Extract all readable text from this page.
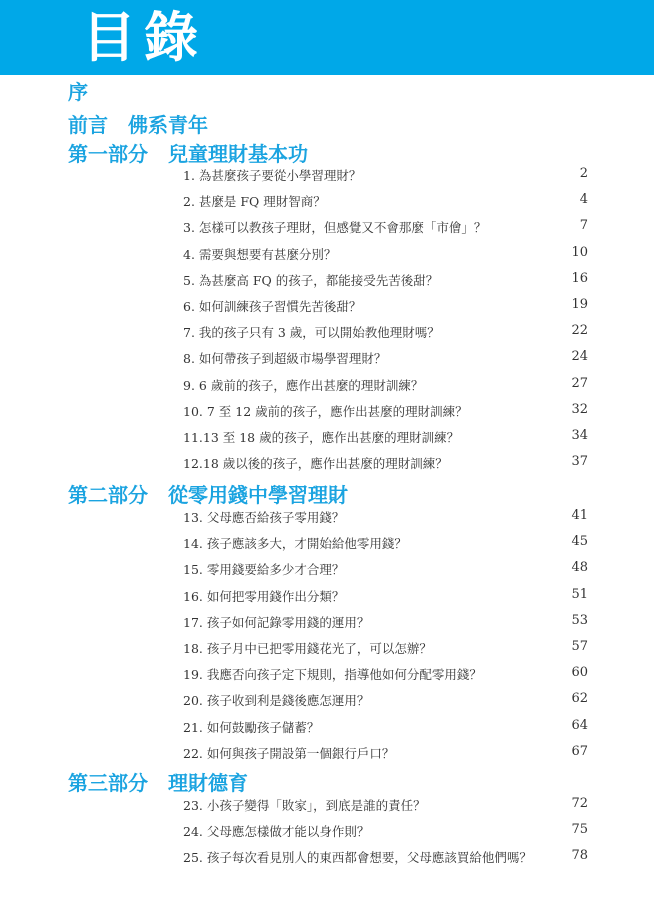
目錄
序
前言　佛系青年
第一部分　兒童理財基本功
1. 為甚麼孩子要從小學習理財？	2
2. 甚麼是 FQ 理財智商？	4
3. 怎樣可以教孩子理財，但感覺又不會那麼「市儈」？	7
4. 需要與想要有甚麼分別？	10
5. 為甚麼高 FQ 的孩子，都能接受先苦後甜？	16
6. 如何訓練孩子習慣先苦後甜？	19
7. 我的孩子只有 3 歲，可以開始教他理財嗎？	22
8. 如何帶孩子到超級市場學習理財？	24
9. 6 歲前的孩子，應作出甚麼的理財訓練？	27
10. 7 至 12 歲前的孩子，應作出甚麼的理財訓練？	32
11.13 至 18 歲的孩子，應作出甚麼的理財訓練？	34
12.18 歲以後的孩子，應作出甚麼的理財訓練？	37
第二部分　從零用錢中學習理財
13. 父母應否給孩子零用錢？	41
14. 孩子應該多大，才開始給他零用錢？	45
15. 零用錢要給多少才合理？	48
16. 如何把零用錢作出分類？	51
17. 孩子如何記錄零用錢的運用？	53
18. 孩子月中已把零用錢花光了，可以怎辦？	57
19. 我應否向孩子定下規則，指導他如何分配零用錢？	60
20. 孩子收到利是錢後應怎運用？	62
21. 如何鼓勵孩子儲蓄？	64
22. 如何與孩子開設第一個銀行戶口？	67
第三部分　理財德育
23. 小孩子變得「敗家」，到底是誰的責任？	72
24. 父母應怎樣做才能以身作則？	75
25. 孩子每次看見別人的東西都會想要，父母應該買給他們嗎？	78
